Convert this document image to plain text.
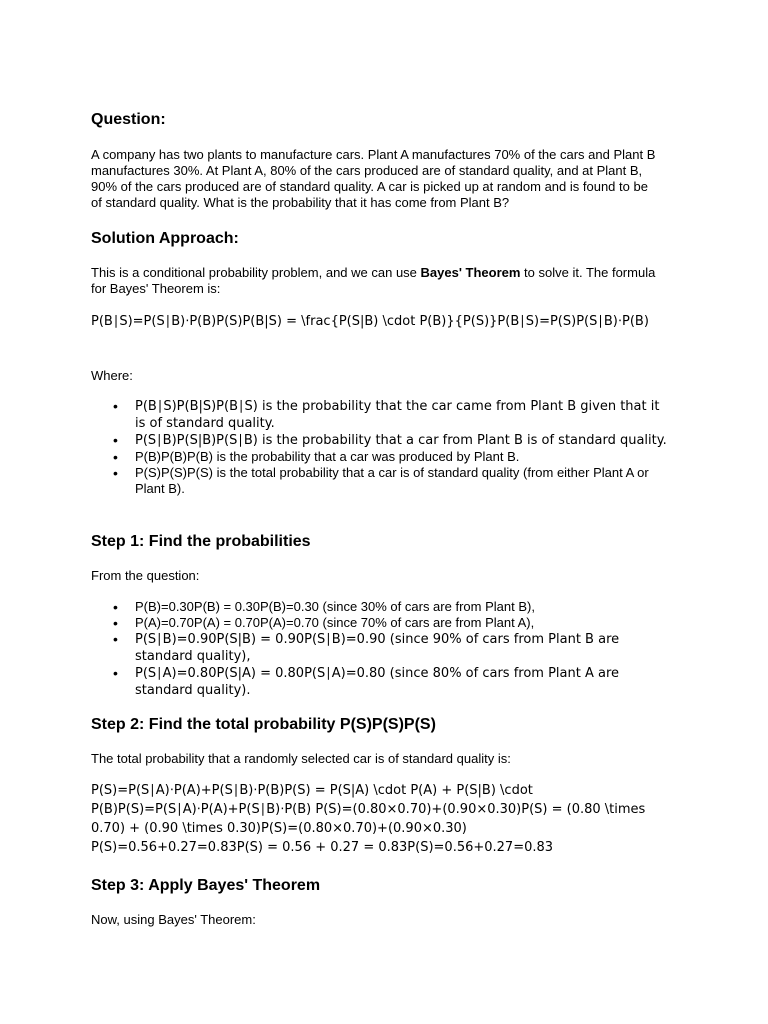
Question:

A company has two plants to manufacture cars. Plant A manufactures 70% of the cars and Plant B manufactures 30%. At Plant A, 80% of the cars produced are of standard quality, and at Plant B, 90% of the cars produced are of standard quality. A car is picked up at random and is found to be of standard quality. What is the probability that it has come from Plant B?

Solution Approach:

This is a conditional probability problem, and we can use Bayes' Theorem to solve it. The formula for Bayes' Theorem is:

P(B∣S)=P(S∣B)⋅P(B)P(S)P(B|S) = \frac{P(S|B) \cdot P(B)}{P(S)}P(B∣S)=P(S)P(S∣B)⋅P(B)

Where:

• P(B∣S)P(B|S)P(B∣S) is the probability that the car came from Plant B given that it is of standard quality.
• P(S∣B)P(S|B)P(S∣B) is the probability that a car from Plant B is of standard quality.
• P(B)P(B)P(B) is the probability that a car was produced by Plant B.
• P(S)P(S)P(S) is the total probability that a car is of standard quality (from either Plant A or Plant B).
Step 1: Find the probabilities

From the question:

• P(B)=0.30P(B) = 0.30P(B)=0.30 (since 30% of cars are from Plant B),
• P(A)=0.70P(A) = 0.70P(A)=0.70 (since 70% of cars are from Plant A),
• P(S∣B)=0.90P(S|B) = 0.90P(S∣B)=0.90 (since 90% of cars from Plant B are standard quality),
• P(S∣A)=0.80P(S|A) = 0.80P(S∣A)=0.80 (since 80% of cars from Plant A are standard quality).
Step 2: Find the total probability P(S)P(S)P(S)

The total probability that a randomly selected car is of standard quality is:

P(S)=P(S∣A)⋅P(A)+P(S∣B)⋅P(B)P(S) = P(S|A) \cdot P(A) + P(S|B) \cdot P(B)P(S)=P(S∣A)⋅P(A)+P(S∣B)⋅P(B) P(S)=(0.80×0.70)+(0.90×0.30)P(S) = (0.80 \times 0.70) + (0.90 \times 0.30)P(S)=(0.80×0.70)+(0.90×0.30)

P(S)=0.56+0.27=0.83P(S) = 0.56 + 0.27 = 0.83P(S)=0.56+0.27=0.83

Step 3: Apply Bayes' Theorem

Now, using Bayes' Theorem:
